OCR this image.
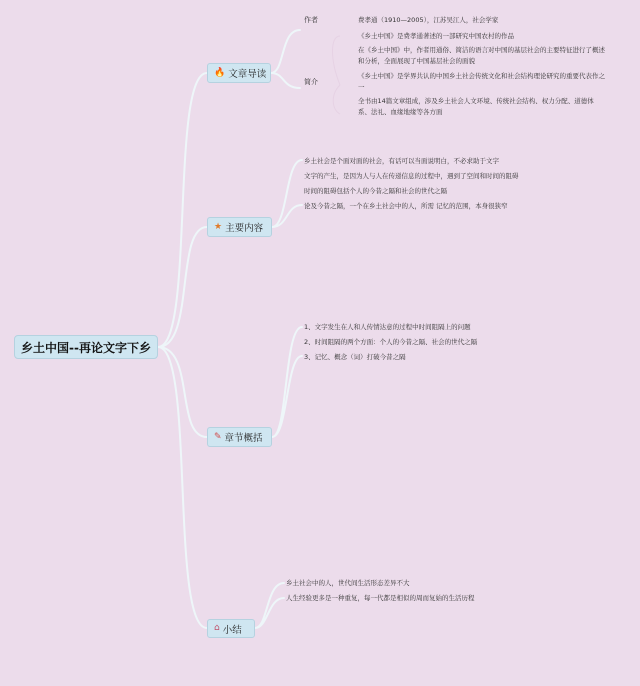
乡土中国--再论文字下乡
🔥 文章导读
作者	费孝通（1910—2005），江苏吴江人，社会学家
简介
《乡土中国》是费孝通著述的一部研究中国农村的作品
在《乡土中国》中，作者用通俗、简洁的语言对中国的基层社会的主要特征进行了概述和分析，全面展现了中国基层社会的面貌
《乡土中国》是学界共认的中国乡土社会传统文化和社会结构理论研究的重要代表作之一
全书由14篇文章组成，涉及乡土社会人文环境、传统社会结构、权力分配、道德体系、法礼、血缘地缘等各方面
★ 主要内容
乡土社会是个面对面的社会，有话可以当面说明白，不必求助于文字
文字的产生，是因为人与人在传递信息的过程中，遇到了空间和时间的阻碍
时间的阻碍包括个人的今昔之隔和社会的世代之隔
论及今昔之隔，一个在乡土社会中的人，所需 记忆的范围，本身很狭窄
✎ 章节概括
1、文字发生在人和人传情达意的过程中时间阻隔上的问题
2、时间阻隔的两个方面：个人的今昔之隔、社会的世代之隔
3、记忆、概念（词）打破今昔之隔
⌂ 小结
乡土社会中的人，世代间生活形态差异不大
人生经验更多是一种重复，每一代都是相似的周而复始的生活历程
